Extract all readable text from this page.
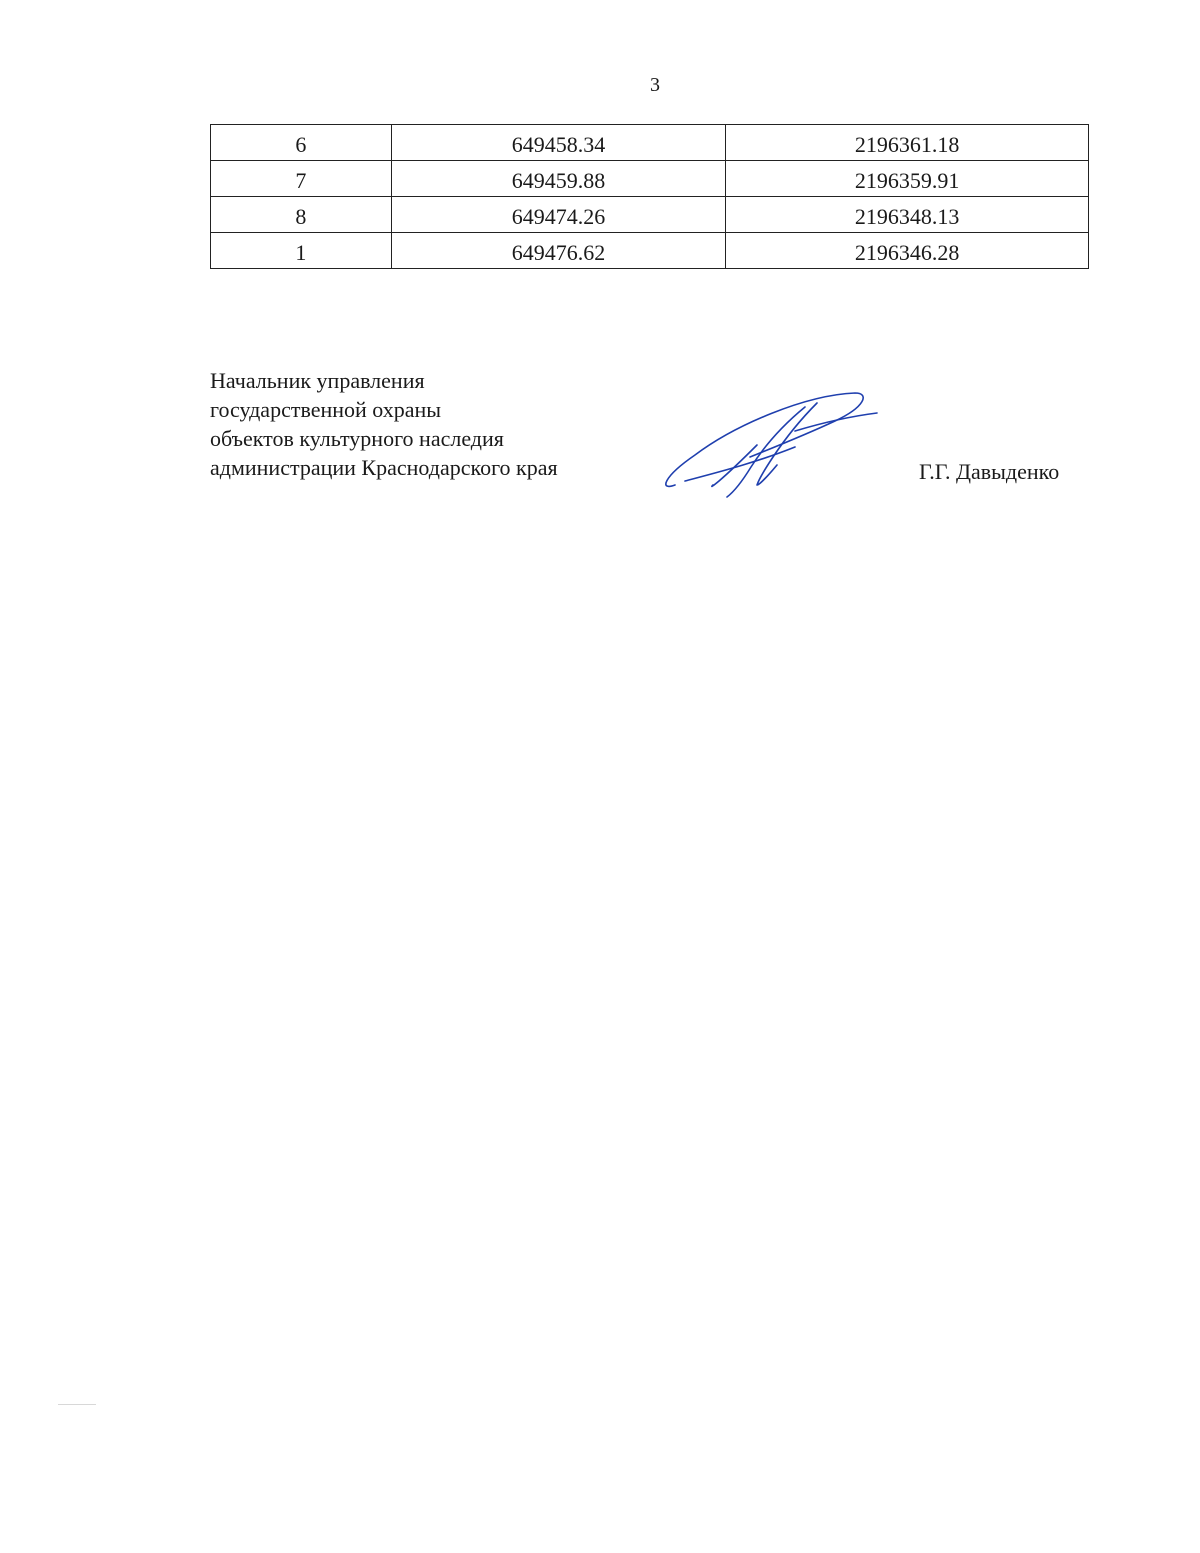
3
6	649458.34	2196361.18
7	649459.88	2196359.91
8	649474.26	2196348.13
1	649476.62	2196346.28
Начальник управления
государственной охраны
объектов культурного наследия
администрации Краснодарского края	Г.Г. Давыденко
